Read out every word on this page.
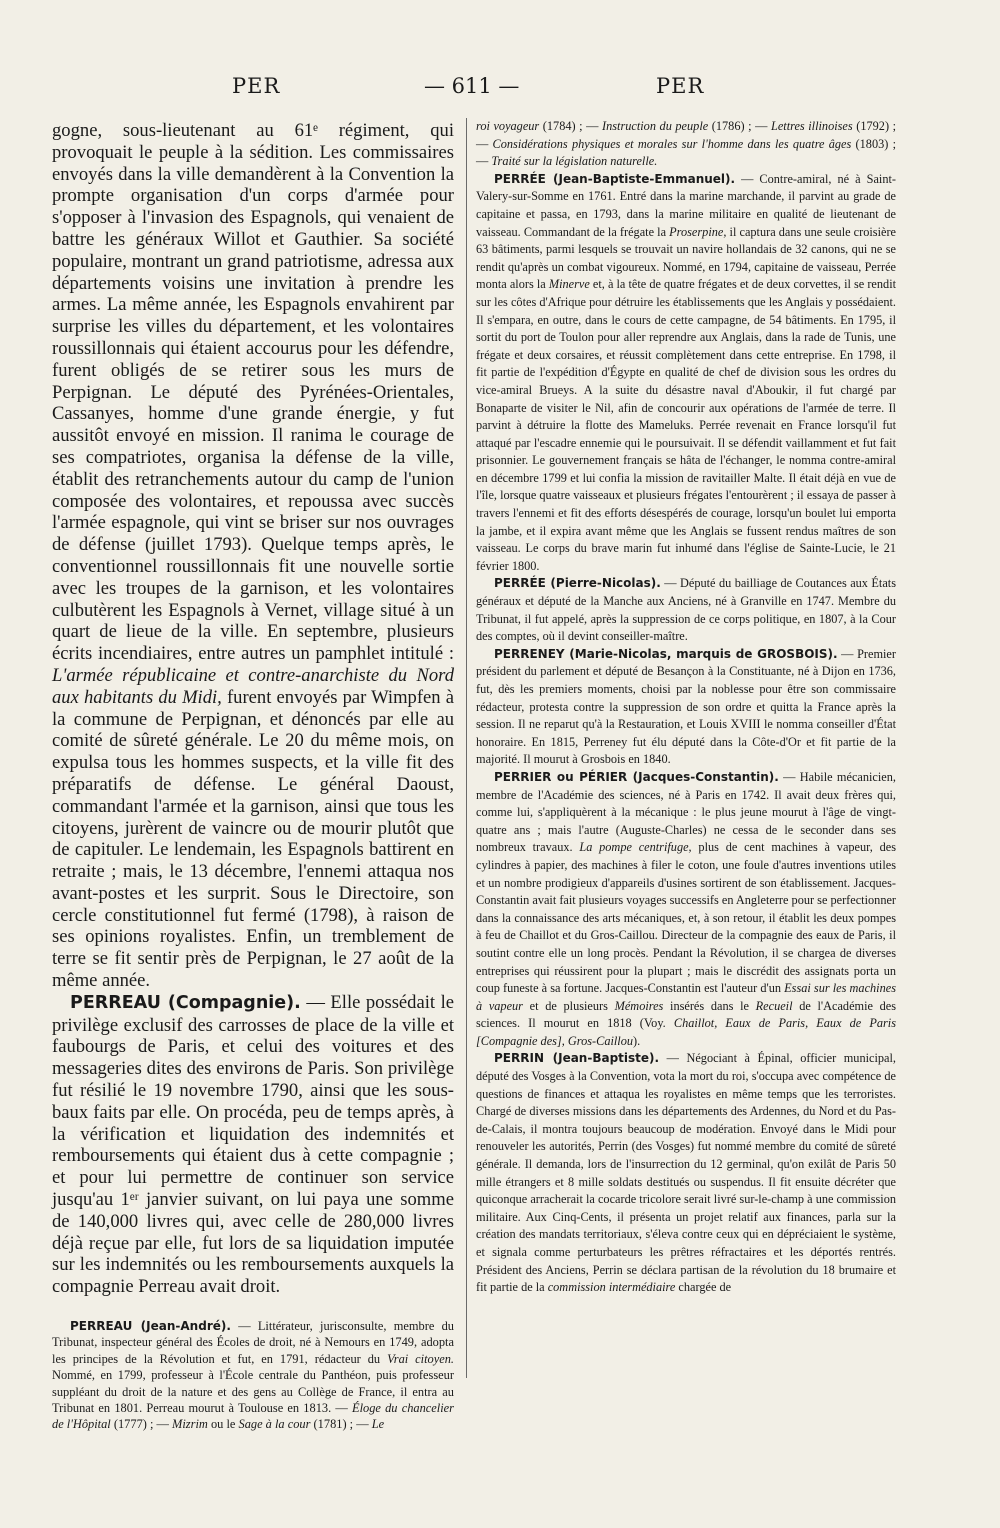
PER	— 611 —	PER

gogne, sous-lieutenant au 61ᵉ régiment, qui provoquait le peuple à la sédition. Les commissaires envoyés dans la ville demandèrent à la Convention la prompte organisation d'un corps d'armée pour s'opposer à l'invasion des Espagnols, qui venaient de battre les généraux Willot et Gauthier. Sa société populaire, montrant un grand patriotisme, adressa aux départements voisins une invitation à prendre les armes. La même année, les Espagnols envahirent par surprise les villes du département, et les volontaires roussillonnais qui étaient accourus pour les défendre, furent obligés de se retirer sous les murs de Perpignan. Le député des Pyrénées-Orientales, Cassanyes, homme d'une grande énergie, y fut aussitôt envoyé en mission. Il ranima le courage de ses compatriotes, organisa la défense de la ville, établit des retranchements autour du camp de l'union composée des volontaires, et repoussa avec succès l'armée espagnole, qui vint se briser sur nos ouvrages de défense (juillet 1793). Quelque temps après, le conventionnel roussillonnais fit une nouvelle sortie avec les troupes de la garnison, et les volontaires culbutèrent les Espagnols à Vernet, village situé à un quart de lieue de la ville. En septembre, plusieurs écrits incendiaires, entre autres un pamphlet intitulé : L'armée républicaine et contre-anarchiste du Nord aux habitants du Midi, furent envoyés par Wimpfen à la commune de Perpignan, et dénoncés par elle au comité de sûreté générale. Le 20 du même mois, on expulsa tous les hommes suspects, et la ville fit des préparatifs de défense. Le général Daoust, commandant l'armée et la garnison, ainsi que tous les citoyens, jurèrent de vaincre ou de mourir plutôt que de capituler. Le lendemain, les Espagnols battirent en retraite ; mais, le 13 décembre, l'ennemi attaqua nos avant-postes et les surprit. Sous le Directoire, son cercle constitutionnel fut fermé (1798), à raison de ses opinions royalistes. Enfin, un tremblement de terre se fit sentir près de Perpignan, le 27 août de la même année.

PERREAU (Compagnie). — Elle possédait le privilège exclusif des carrosses de place de la ville et faubourgs de Paris, et celui des voitures et des messageries dites des environs de Paris. Son privilège fut résilié le 19 novembre 1790, ainsi que les sous-baux faits par elle. On procéda, peu de temps après, à la vérification et liquidation des indemnités et remboursements qui étaient dus à cette compagnie ; et pour lui permettre de continuer son service jusqu'au 1ᵉʳ janvier suivant, on lui paya une somme de 140,000 livres qui, avec celle de 280,000 livres déjà reçue par elle, fut lors de sa liquidation imputée sur les indemnités ou les remboursements auxquels la compagnie Perreau avait droit.

PERREAU (Jean-André). — Littérateur, jurisconsulte, membre du Tribunat, inspecteur général des Écoles de droit, né à Nemours en 1749, adopta les principes de la Révolution et fut, en 1791, rédacteur du Vrai citoyen. Nommé, en 1799, professeur à l'École centrale du Panthéon, puis professeur suppléant du droit de la nature et des gens au Collège de France, il entra au Tribunat en 1801. Perreau mourut à Toulouse en 1813. — Éloge du chancelier de l'Hôpital (1777) ; — Mizrim ou le Sage à la cour (1781) ; — Le

roi voyageur (1784) ; — Instruction du peuple (1786) ; — Lettres illinoises (1792) ; — Considérations physiques et morales sur l'homme dans les quatre âges (1803) ; — Traité sur la législation naturelle.

PERRÉE (Jean-Baptiste-Emmanuel). — Contre-amiral, né à Saint-Valery-sur-Somme en 1761. Entré dans la marine marchande, il parvint au grade de capitaine et passa, en 1793, dans la marine militaire en qualité de lieutenant de vaisseau. Commandant de la frégate la Proserpine, il captura dans une seule croisière 63 bâtiments, parmi lesquels se trouvait un navire hollandais de 32 canons, qui ne se rendit qu'après un combat vigoureux. Nommé, en 1794, capitaine de vaisseau, Perrée monta alors la Minerve et, à la tête de quatre frégates et de deux corvettes, il se rendit sur les côtes d'Afrique pour détruire les établissements que les Anglais y possédaient. Il s'empara, en outre, dans le cours de cette campagne, de 54 bâtiments. En 1795, il sortit du port de Toulon pour aller reprendre aux Anglais, dans la rade de Tunis, une frégate et deux corsaires, et réussit complètement dans cette entreprise. En 1798, il fit partie de l'expédition d'Égypte en qualité de chef de division sous les ordres du vice-amiral Brueys. A la suite du désastre naval d'Aboukir, il fut chargé par Bonaparte de visiter le Nil, afin de concourir aux opérations de l'armée de terre. Il parvint à détruire la flotte des Mameluks. Perrée revenait en France lorsqu'il fut attaqué par l'escadre ennemie qui le poursuivait. Il se défendit vaillamment et fut fait prisonnier. Le gouvernement français se hâta de l'échanger, le nomma contre-amiral en décembre 1799 et lui confia la mission de ravitailler Malte. Il était déjà en vue de l'île, lorsque quatre vaisseaux et plusieurs frégates l'entourèrent ; il essaya de passer à travers l'ennemi et fit des efforts désespérés de courage, lorsqu'un boulet lui emporta la jambe, et il expira avant même que les Anglais se fussent rendus maîtres de son vaisseau. Le corps du brave marin fut inhumé dans l'église de Sainte-Lucie, le 21 février 1800.

PERRÉE (Pierre-Nicolas). — Député du bailliage de Coutances aux États généraux et député de la Manche aux Anciens, né à Granville en 1747. Membre du Tribunat, il fut appelé, après la suppression de ce corps politique, en 1807, à la Cour des comptes, où il devint conseiller-maître.

PERRENEY (Marie-Nicolas, marquis de GROSBOIS). — Premier président du parlement et député de Besançon à la Constituante, né à Dijon en 1736, fut, dès les premiers moments, choisi par la noblesse pour être son commissaire rédacteur, protesta contre la suppression de son ordre et quitta la France après la session. Il ne reparut qu'à la Restauration, et Louis XVIII le nomma conseiller d'État honoraire. En 1815, Perreney fut élu député dans la Côte-d'Or et fit partie de la majorité. Il mourut à Grosbois en 1840.

PERRIER ou PÉRIER (Jacques-Constantin). — Habile mécanicien, membre de l'Académie des sciences, né à Paris en 1742. Il avait deux frères qui, comme lui, s'appliquèrent à la mécanique : le plus jeune mourut à l'âge de vingt-quatre ans ; mais l'autre (Auguste-Charles) ne cessa de le seconder dans ses nombreux travaux. La pompe centrifuge, plus de cent machines à vapeur, des cylindres à papier, des machines à filer le coton, une foule d'autres inventions utiles et un nombre prodigieux d'appareils d'usines sortirent de son établissement. Jacques-Constantin avait fait plusieurs voyages successifs en Angleterre pour se perfectionner dans la connaissance des arts mécaniques, et, à son retour, il établit les deux pompes à feu de Chaillot et du Gros-Caillou. Directeur de la compagnie des eaux de Paris, il soutint contre elle un long procès. Pendant la Révolution, il se chargea de diverses entreprises qui réussirent pour la plupart ; mais le discrédit des assignats porta un coup funeste à sa fortune. Jacques-Constantin est l'auteur d'un Essai sur les machines à vapeur et de plusieurs Mémoires insérés dans le Recueil de l'Académie des sciences. Il mourut en 1818 (Voy. Chaillot, Eaux de Paris, Eaux de Paris [Compagnie des], Gros-Caillou).

PERRIN (Jean-Baptiste). — Négociant à Épinal, officier municipal, député des Vosges à la Convention, vota la mort du roi, s'occupa avec compétence de questions de finances et attaqua les royalistes en même temps que les terroristes. Chargé de diverses missions dans les départements des Ardennes, du Nord et du Pas-de-Calais, il montra toujours beaucoup de modération. Envoyé dans le Midi pour renouveler les autorités, Perrin (des Vosges) fut nommé membre du comité de sûreté générale. Il demanda, lors de l'insurrection du 12 germinal, qu'on exilât de Paris 50 mille étrangers et 8 mille soldats destitués ou suspendus. Il fit ensuite décréter que quiconque arracherait la cocarde tricolore serait livré sur-le-champ à une commission militaire. Aux Cinq-Cents, il présenta un projet relatif aux finances, parla sur la création des mandats territoriaux, s'éleva contre ceux qui en dépréciaient le système, et signala comme perturbateurs les prêtres réfractaires et les déportés rentrés. Président des Anciens, Perrin se déclara partisan de la révolution du 18 brumaire et fit partie de la commission intermédiaire chargée de
